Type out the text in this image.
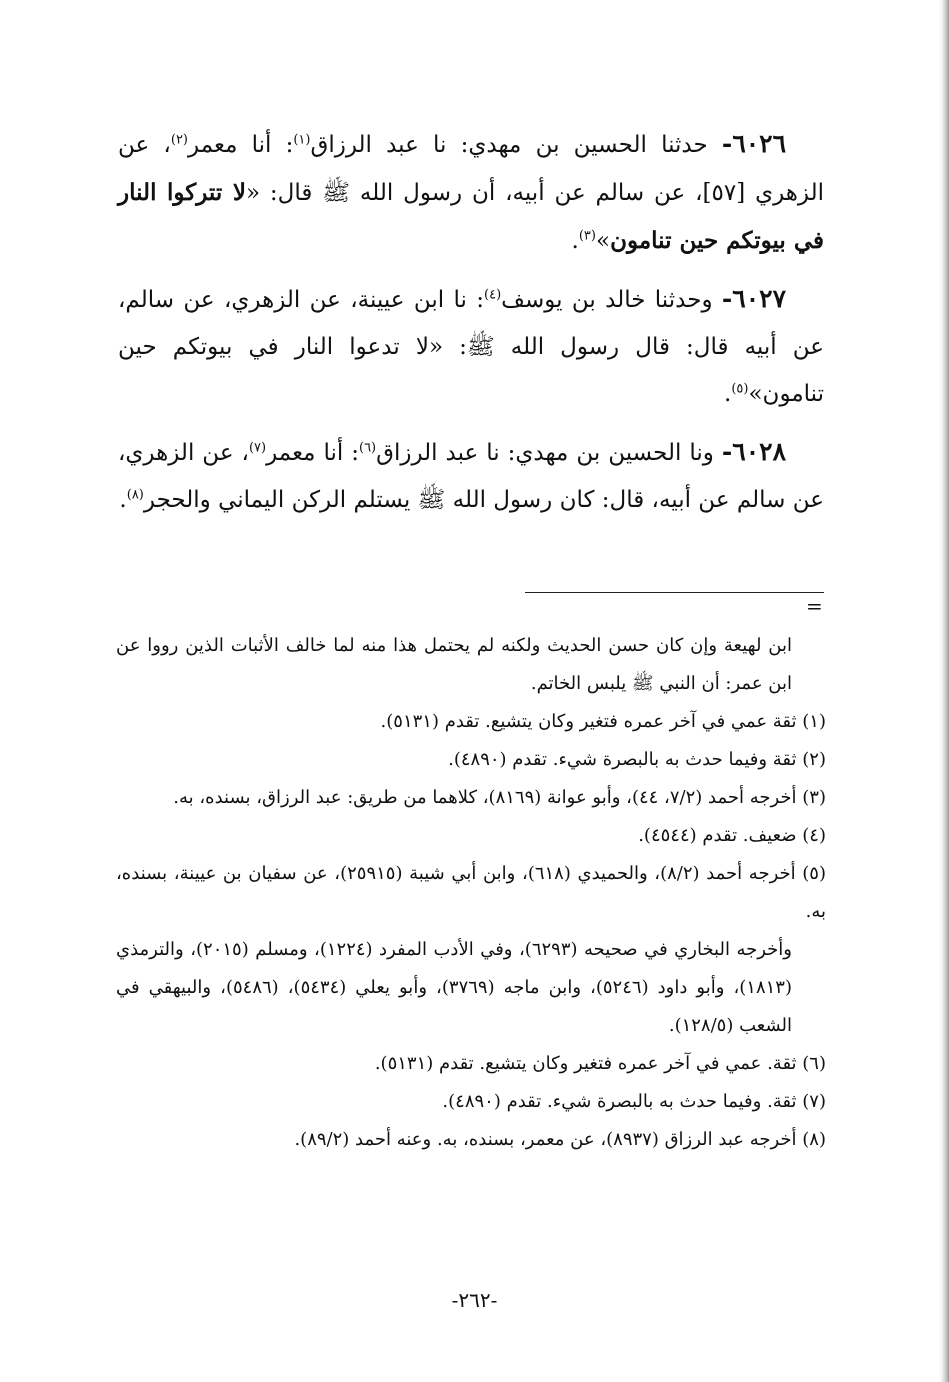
٦٠٢٦- حدثنا الحسين بن مهدي: نا عبد الرزاق$^{(١)}$: أنا معمر$^{(٢)}$، عن الزهري [٥٧]، عن سالم عن أبيه، أن رسول الله ﷺ قال: «لا تتركوا النار في بيوتكم حين تنامون»$^{(٣)}$.

٦٠٢٧- وحدثنا خالد بن يوسف$^{(٤)}$: نا ابن عيينة، عن الزهري، عن سالم، عن أبيه قال: قال رسول الله ﷺ: «لا تدعوا النار في بيوتكم حين تنامون»$^{(٥)}$.

٦٠٢٨- ونا الحسين بن مهدي: نا عبد الرزاق$^{(٦)}$: أنا معمر$^{(٧)}$، عن الزهري، عن سالم عن أبيه، قال: كان رسول الله ﷺ يستلم الركن اليماني والحجر$^{(٨)}$.

=

ابن لهيعة وإن كان حسن الحديث ولكنه لم يحتمل هذا منه لما خالف الأثبات الذين رووا عن ابن عمر: أن النبي ﷺ يلبس الخاتم.

(١) ثقة عمي في آخر عمره فتغير وكان يتشيع. تقدم (٥١٣١).

(٢) ثقة وفيما حدث به بالبصرة شيء. تقدم (٤٨٩٠).

(٣) أخرجه أحمد (٧/٢، ٤٤)، وأبو عوانة (٨١٦٩)، كلاهما من طريق: عبد الرزاق، بسنده، به.

(٤) ضعيف. تقدم (٤٥٤٤).

(٥) أخرجه أحمد (٨/٢)، والحميدي (٦١٨)، وابن أبي شيبة (٢٥٩١٥)، عن سفيان بن عيينة، بسنده، به.

وأخرجه البخاري في صحيحه (٦٢٩٣)، وفي الأدب المفرد (١٢٢٤)، ومسلم (٢٠١٥)، والترمذي (١٨١٣)، وأبو داود (٥٢٤٦)، وابن ماجه (٣٧٦٩)، وأبو يعلي (٥٤٣٤)، (٥٤٨٦)، والبيهقي في الشعب (١٢٨/٥).

(٦) ثقة. عمي في آخر عمره فتغير وكان يتشيع. تقدم (٥١٣١).

(٧) ثقة. وفيما حدث به بالبصرة شيء. تقدم (٤٨٩٠).

(٨) أخرجه عبد الرزاق (٨٩٣٧)، عن معمر، بسنده، به. وعنه أحمد (٨٩/٢).

-٢٦٢-
